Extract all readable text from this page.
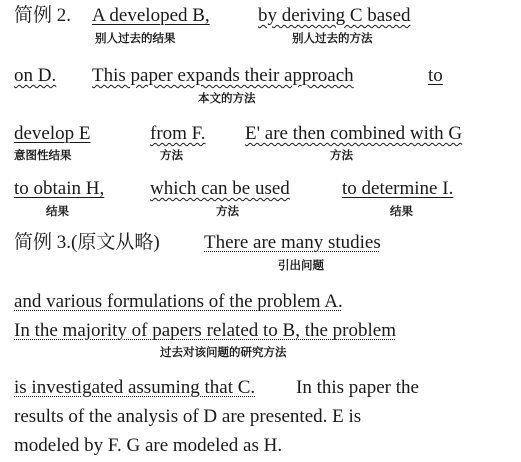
简例 2. A developed B,	by deriving C based
别人过去的结果	别人过去的方法
on D. This paper expands their approach	to
本文的方法
develop E	from F. E' are then combined with G
意图性结果	方法	方法
to obtain H, which can be used	to determine I.
结果	方法	结果
简例 3.(原文从略) There are many studies
引出问题
and various formulations of the problem A.
In the majority of papers related to B, the problem
过去对该问题的研究方法
is investigated assuming that C. In this paper the
results of the analysis of D are presented. E is
modeled by F. G are modeled as H.
